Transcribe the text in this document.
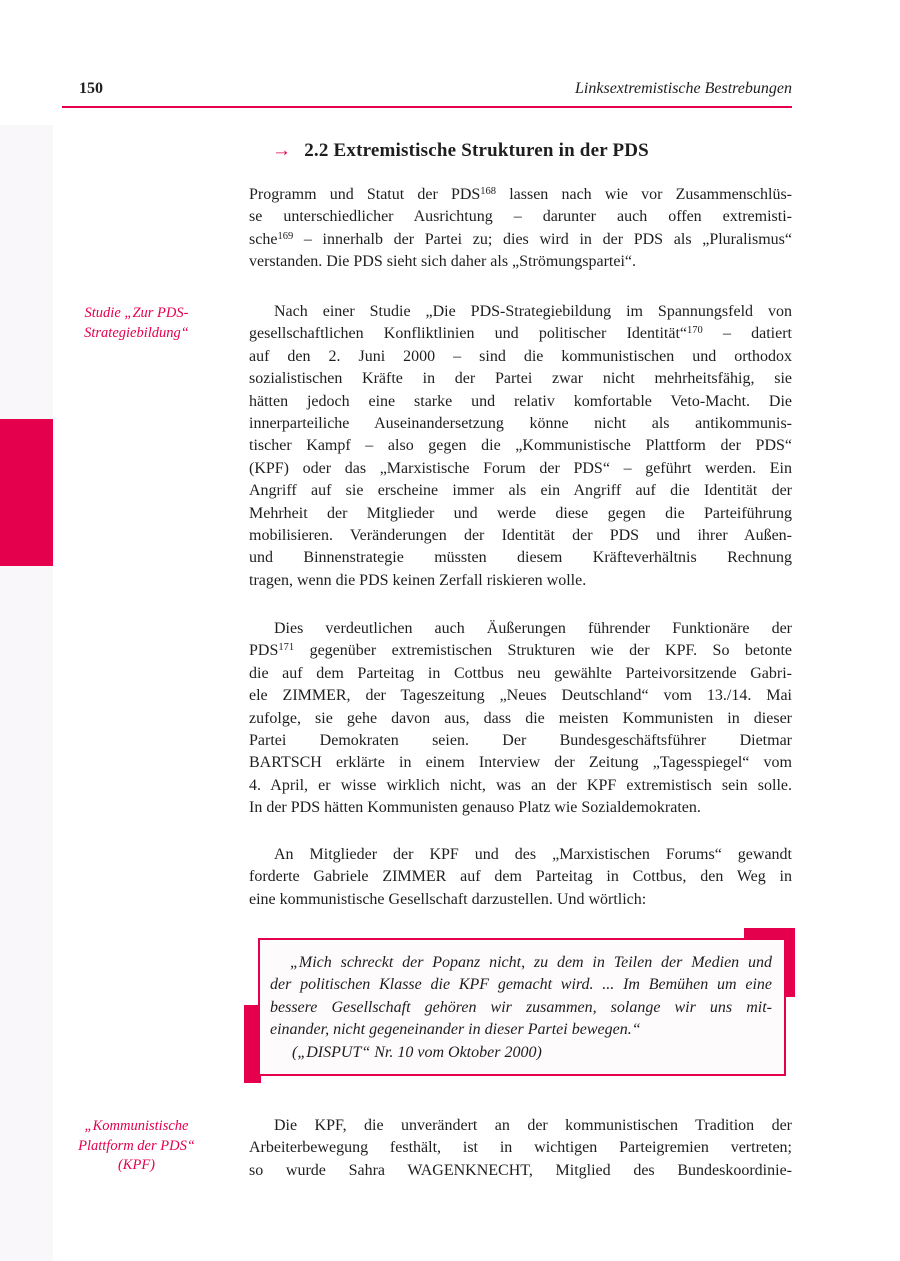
150	Linksextremistische Bestrebungen
→ 2.2 Extremistische Strukturen in der PDS
Studie „Zur PDS-
Strategiebildung“
Programm und Statut der PDS$^{168}$ lassen nach wie vor Zusammenschlüs-
se unterschiedlicher Ausrichtung – darunter auch offen extremisti-
sche$^{169}$ – innerhalb der Partei zu; dies wird in der PDS als „Pluralismus“
verstanden. Die PDS sieht sich daher als „Strömungspartei“.
Nach einer Studie „Die PDS-Strategiebildung im Spannungsfeld von
gesellschaftlichen Konfliktlinien und politischer Identität“$^{170}$ – datiert
auf den 2. Juni 2000 – sind die kommunistischen und orthodox
sozialistischen Kräfte in der Partei zwar nicht mehrheitsfähig, sie
hätten jedoch eine starke und relativ komfortable Veto-Macht. Die
innerparteiliche Auseinandersetzung könne nicht als antikommunis-
tischer Kampf – also gegen die „Kommunistische Plattform der PDS“
(KPF) oder das „Marxistische Forum der PDS“ – geführt werden. Ein
Angriff auf sie erscheine immer als ein Angriff auf die Identität der
Mehrheit der Mitglieder und werde diese gegen die Parteiführung
mobilisieren. Veränderungen der Identität der PDS und ihrer Außen-
und Binnenstrategie müssten diesem Kräfteverhältnis Rechnung
tragen, wenn die PDS keinen Zerfall riskieren wolle.
Dies verdeutlichen auch Äußerungen führender Funktionäre der
PDS$^{171}$ gegenüber extremistischen Strukturen wie der KPF. So betonte
die auf dem Parteitag in Cottbus neu gewählte Parteivorsitzende Gabri-
ele ZIMMER, der Tageszeitung „Neues Deutschland“ vom 13./14. Mai
zufolge, sie gehe davon aus, dass die meisten Kommunisten in dieser
Partei Demokraten seien. Der Bundesgeschäftsführer Dietmar
BARTSCH erklärte in einem Interview der Zeitung „Tagesspiegel“ vom
4. April, er wisse wirklich nicht, was an der KPF extremistisch sein solle.
In der PDS hätten Kommunisten genauso Platz wie Sozialdemokraten.
An Mitglieder der KPF und des „Marxistischen Forums“ gewandt
forderte Gabriele ZIMMER auf dem Parteitag in Cottbus, den Weg in
eine kommunistische Gesellschaft darzustellen. Und wörtlich:
„Mich schreckt der Popanz nicht, zu dem in Teilen der Medien und
der politischen Klasse die KPF gemacht wird. ... Im Bemühen um eine
bessere Gesellschaft gehören wir zusammen, solange wir uns mit-
einander, nicht gegeneinander in dieser Partei bewegen.“
(„DISPUT“ Nr. 10 vom Oktober 2000)
„Kommunistische
Plattform der PDS“
(KPF)
Die KPF, die unverändert an der kommunistischen Tradition der
Arbeiterbewegung festhält, ist in wichtigen Parteigremien vertreten;
so wurde Sahra WAGENKNECHT, Mitglied des Bundeskoordinie-
